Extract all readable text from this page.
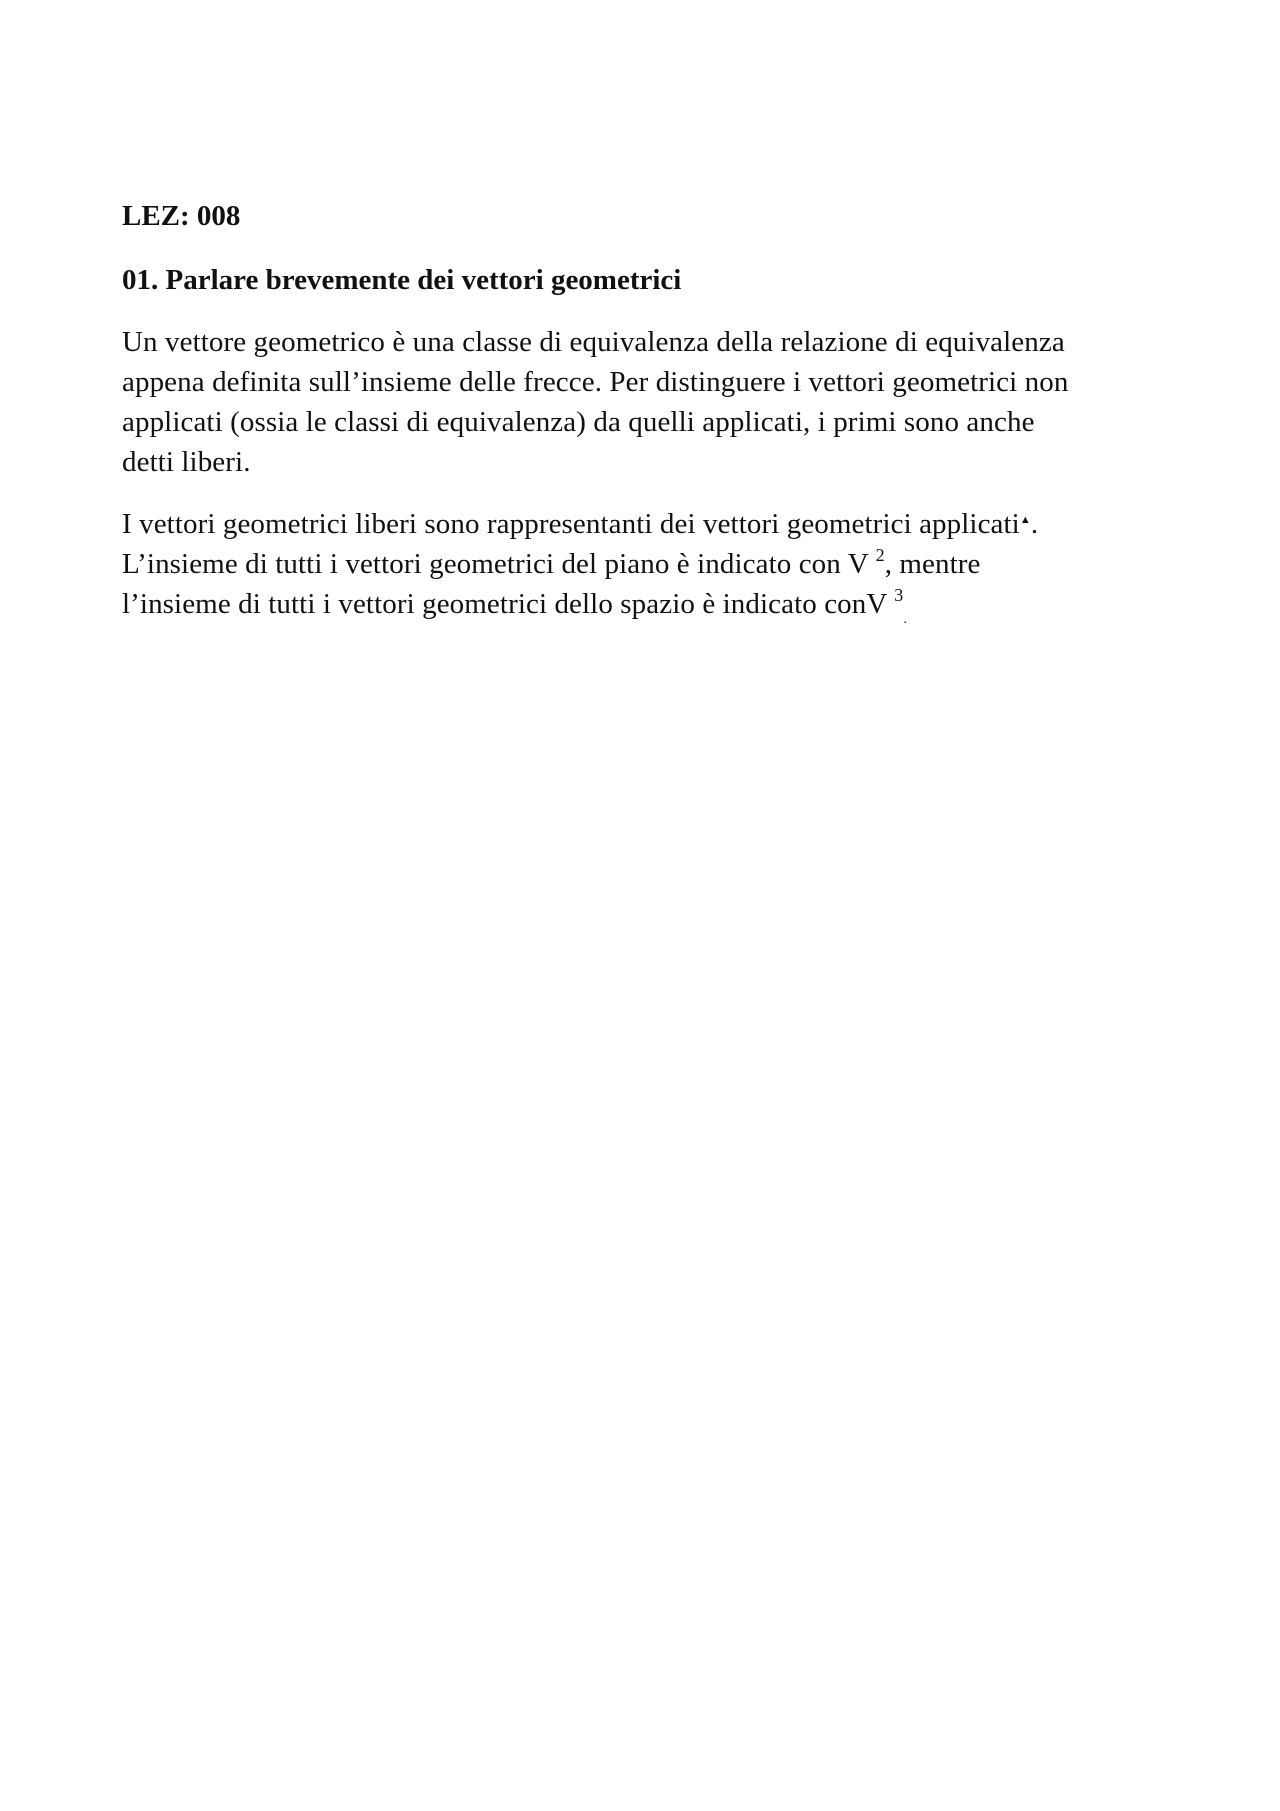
LEZ: 008

01. Parlare brevemente dei vettori geometrici

Un vettore geometrico è una classe di equivalenza della relazione di equivalenza
appena definita sull’insieme delle frecce. Per distinguere i vettori geometrici non
applicati (ossia le classi di equivalenza) da quelli applicati, i primi sono anche
detti liberi.

I vettori geometrici liberi sono rappresentanti dei vettori geometrici applicati▲.
L’insieme di tutti i vettori geometrici del piano è indicato con V $^2$, mentre
l’insieme di tutti i vettori geometrici dello spazio è indicato conV $^3_.$
